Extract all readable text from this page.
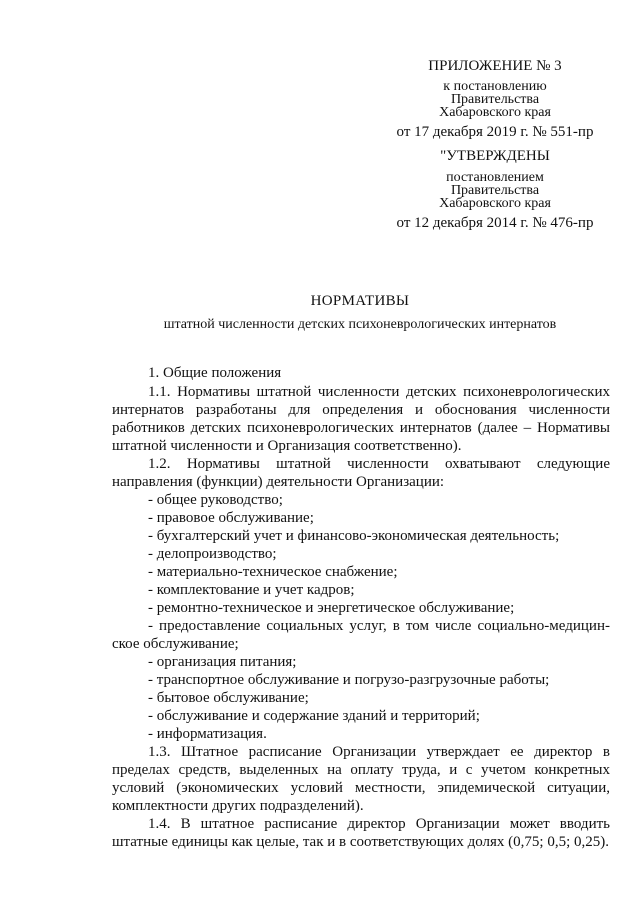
ПРИЛОЖЕНИЕ № 3
к постановлению
Правительства
Хабаровского края
от 17 декабря 2019 г. № 551-пр
"УТВЕРЖДЕНЫ
постановлением
Правительства
Хабаровского края
от 12 декабря 2014 г. № 476-пр
НОРМАТИВЫ
штатной численности детских психоневрологических интернатов
1. Общие положения
1.1. Нормативы штатной численности детских психоневрологических интернатов разработаны для определения и обоснования численности работников детских психоневрологических интернатов (далее – Нормативы штатной численности и Организация соответственно).
1.2. Нормативы штатной численности охватывают следующие направления (функции) деятельности Организации:
- общее руководство;
- правовое обслуживание;
- бухгалтерский учет и финансово-экономическая деятельность;
- делопроизводство;
- материально-техническое снабжение;
- комплектование и учет кадров;
- ремонтно-техническое и энергетическое обслуживание;
- предоставление социальных услуг, в том числе социально-медицин-
ское обслуживание;
- организация питания;
- транспортное обслуживание и погрузо-разгрузочные работы;
- бытовое обслуживание;
- обслуживание и содержание зданий и территорий;
- информатизация.
1.3. Штатное расписание Организации утверждает ее директор в пределах средств, выделенных на оплату труда, и с учетом конкретных условий (экономических условий местности, эпидемической ситуации, комплектности других подразделений).
1.4. В штатное расписание директор Организации может вводить штатные единицы как целые, так и в соответствующих долях (0,75; 0,5; 0,25).
